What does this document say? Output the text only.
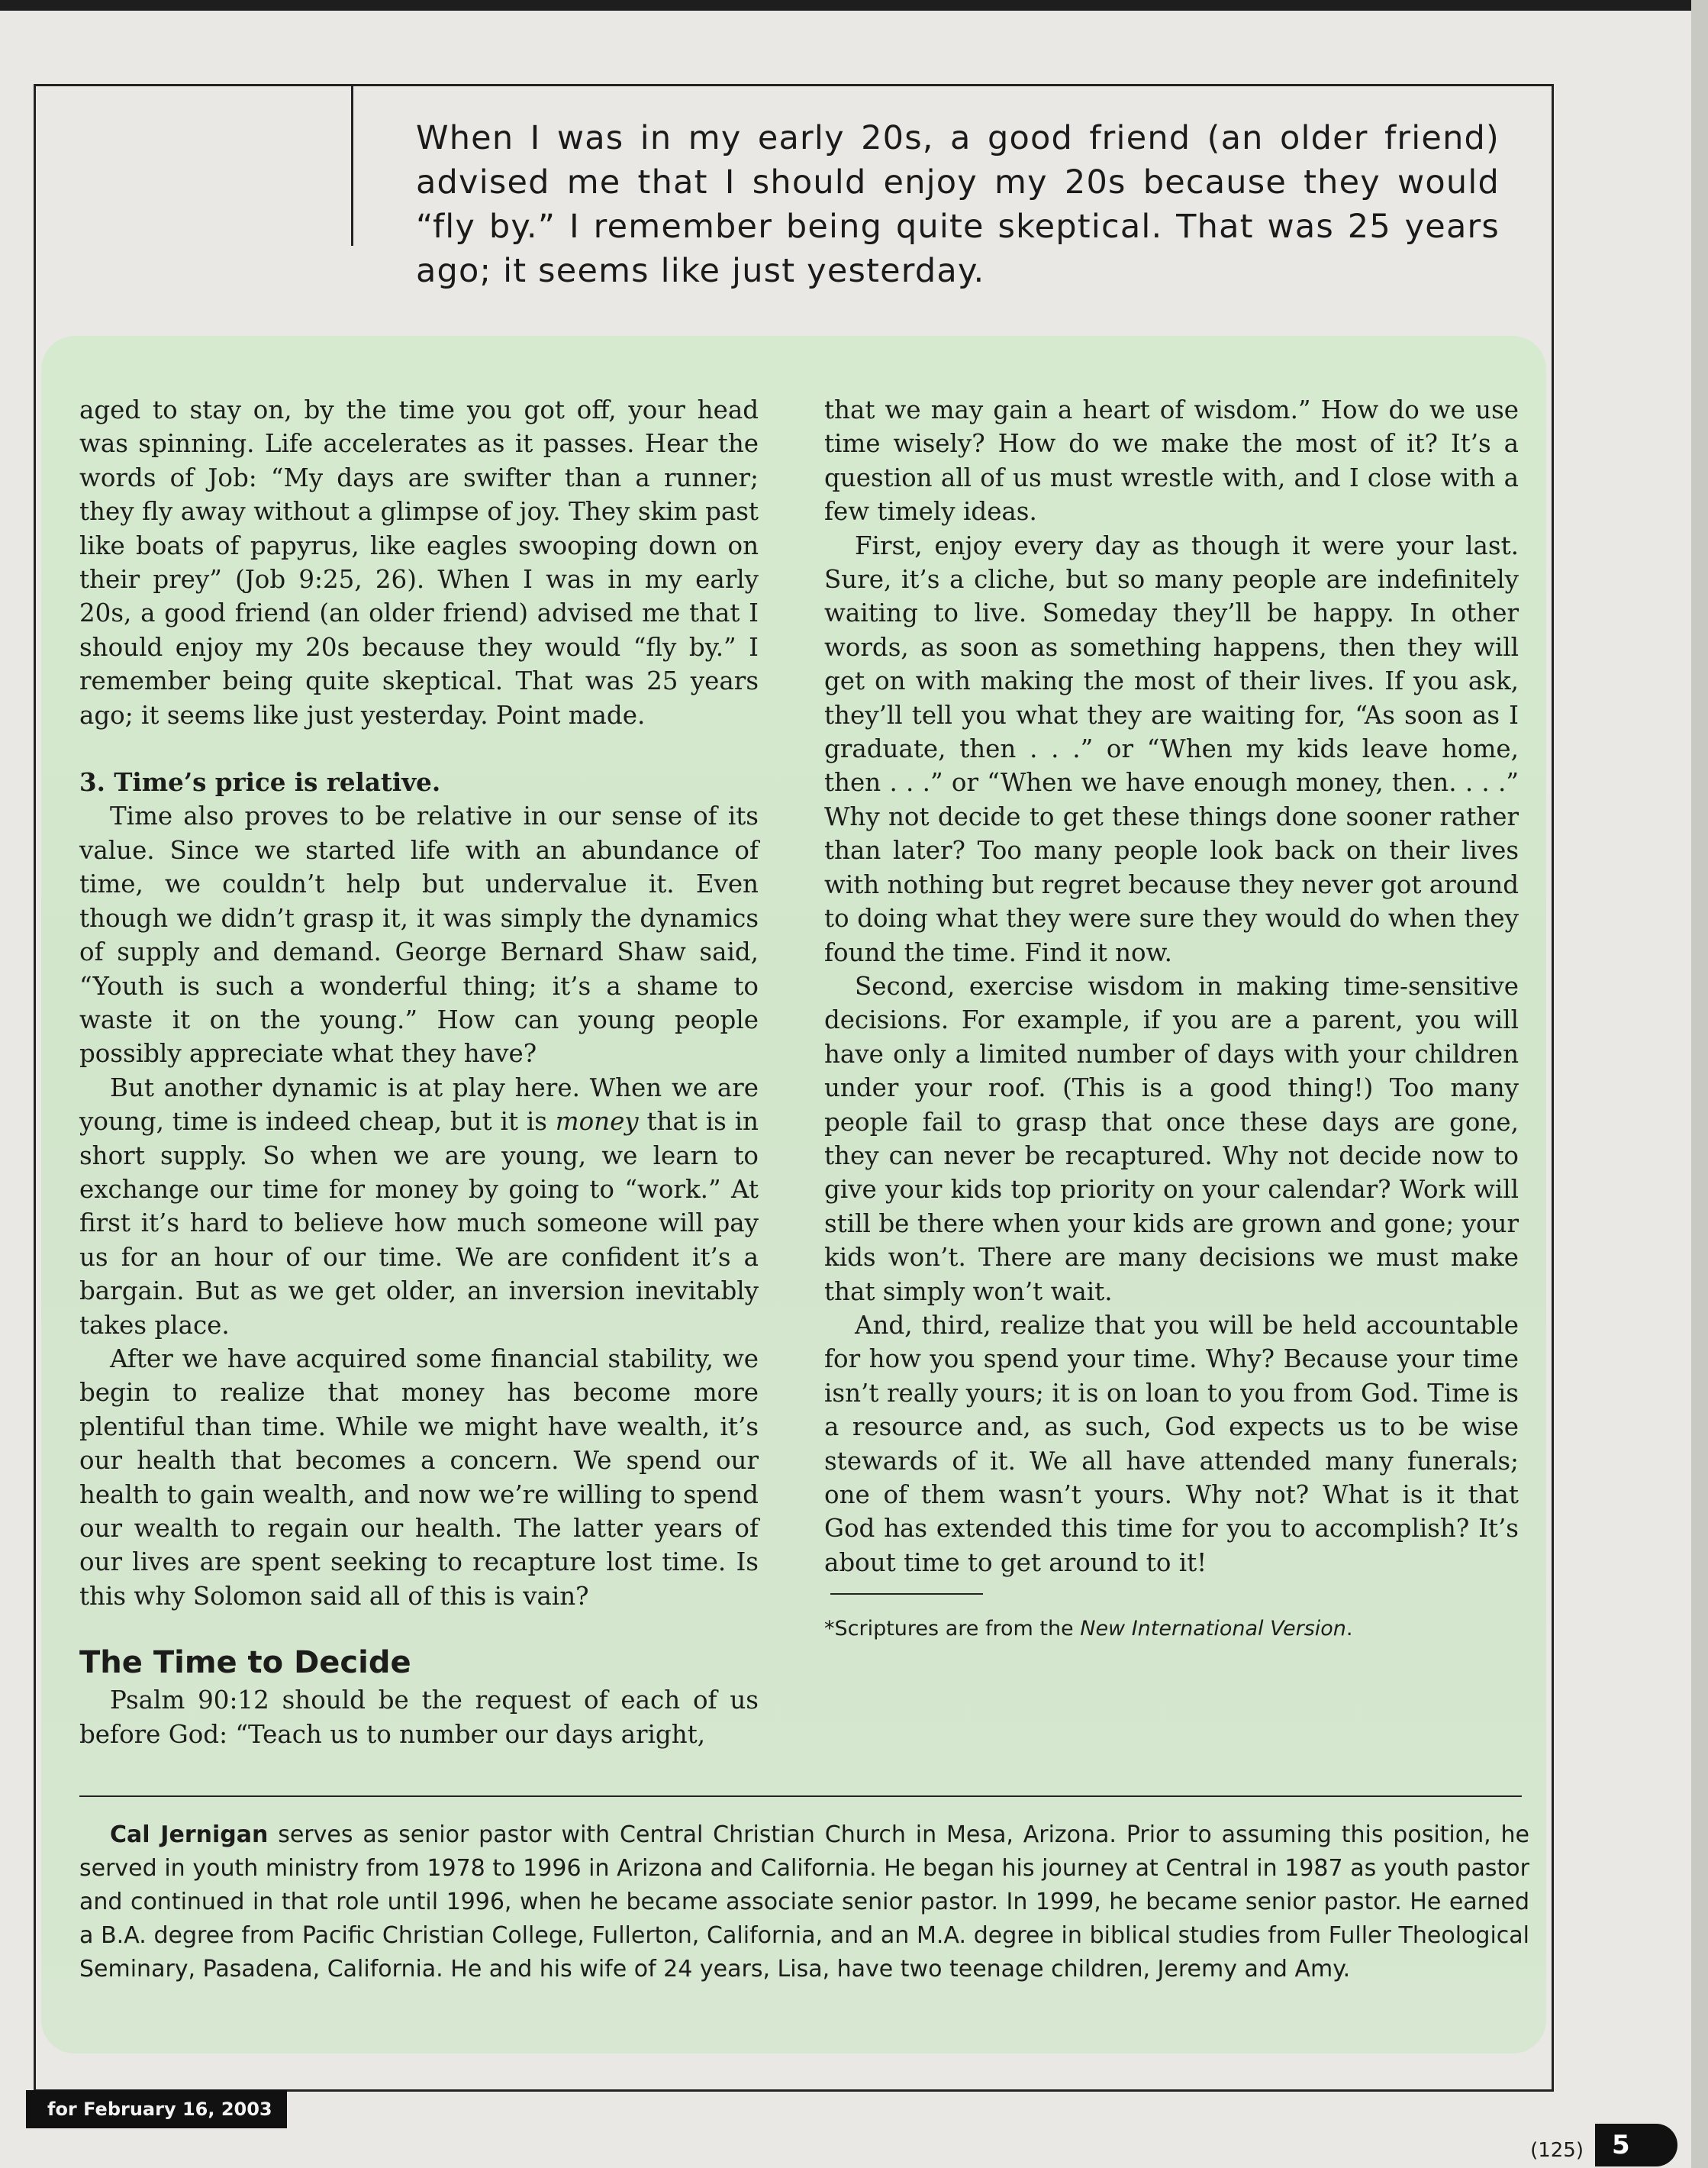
When I was in my early 20s, a good friend (an older friend) advised me that I should enjoy my 20s because they would “fly by.” I remember being quite skeptical. That was 25 years ago; it seems like just yesterday.

aged to stay on, by the time you got off, your head was spinning. Life accelerates as it passes. Hear the words of Job: “My days are swifter than a runner; they fly away without a glimpse of joy. They skim past like boats of papyrus, like eagles swooping down on their prey” (Job 9:25, 26). When I was in my early 20s, a good friend (an older friend) advised me that I should enjoy my 20s because they would “fly by.” I remember being quite skeptical. That was 25 years ago; it seems like just yesterday. Point made.

3. Time’s price is relative.

Time also proves to be relative in our sense of its value. Since we started life with an abundance of time, we couldn’t help but undervalue it. Even though we didn’t grasp it, it was simply the dynamics of supply and demand. George Bernard Shaw said, “Youth is such a wonderful thing; it’s a shame to waste it on the young.” How can young people possibly appreciate what they have?

But another dynamic is at play here. When we are young, time is indeed cheap, but it is money that is in short supply. So when we are young, we learn to exchange our time for money by going to “work.” At first it’s hard to believe how much someone will pay us for an hour of our time. We are confident it’s a bargain. But as we get older, an inversion inevitably takes place.

After we have acquired some financial stability, we begin to realize that money has become more plentiful than time. While we might have wealth, it’s our health that becomes a concern. We spend our health to gain wealth, and now we’re willing to spend our wealth to regain our health. The latter years of our lives are spent seeking to recapture lost time. Is this why Solomon said all of this is vain?

The Time to Decide

Psalm 90:12 should be the request of each of us before God: “Teach us to number our days aright,

that we may gain a heart of wisdom.” How do we use time wisely? How do we make the most of it? It’s a question all of us must wrestle with, and I close with a few timely ideas.

First, enjoy every day as though it were your last. Sure, it’s a cliche, but so many people are indefinitely waiting to live. Someday they’ll be happy. In other words, as soon as something happens, then they will get on with making the most of their lives. If you ask, they’ll tell you what they are waiting for, “As soon as I graduate, then . . .” or “When my kids leave home, then . . .” or “When we have enough money, then. . . .” Why not decide to get these things done sooner rather than later? Too many people look back on their lives with nothing but regret because they never got around to doing what they were sure they would do when they found the time. Find it now.

Second, exercise wisdom in making time-sensitive decisions. For example, if you are a parent, you will have only a limited number of days with your children under your roof. (This is a good thing!) Too many people fail to grasp that once these days are gone, they can never be recaptured. Why not decide now to give your kids top priority on your calendar? Work will still be there when your kids are grown and gone; your kids won’t. There are many decisions we must make that simply won’t wait.

And, third, realize that you will be held accountable for how you spend your time. Why? Because your time isn’t really yours; it is on loan to you from God. Time is a resource and, as such, God expects us to be wise stewards of it. We all have attended many funerals; one of them wasn’t yours. Why not? What is it that God has extended this time for you to accomplish? It’s about time to get around to it!

*Scriptures are from the New International Version.

Cal Jernigan serves as senior pastor with Central Christian Church in Mesa, Arizona. Prior to assuming this position, he served in youth ministry from 1978 to 1996 in Arizona and California. He began his journey at Central in 1987 as youth pastor and continued in that role until 1996, when he became associate senior pastor. In 1999, he became senior pastor. He earned a B.A. degree from Pacific Christian College, Fullerton, California, and an M.A. degree in biblical studies from Fuller Theological Seminary, Pasadena, California. He and his wife of 24 years, Lisa, have two teenage children, Jeremy and Amy.

for February 16, 2003
(125)	5
